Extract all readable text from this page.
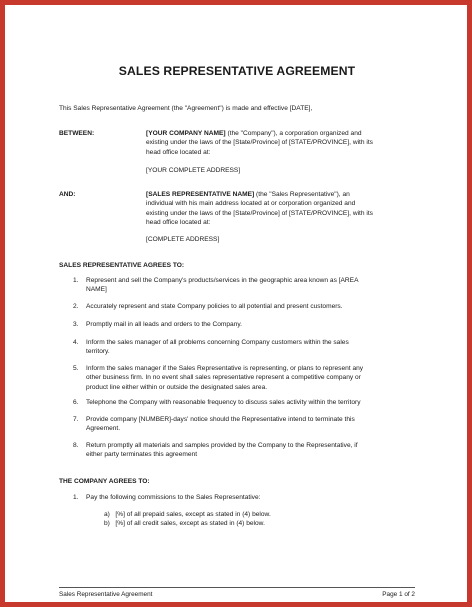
SALES REPRESENTATIVE AGREEMENT
This Sales Representative Agreement (the "Agreement") is made and effective [DATE],
BETWEEN:	[YOUR COMPANY NAME] (the "Company"), a corporation organized and
existing under the laws of the [State/Province] of [STATE/PROVINCE], with its
head office located at:
[YOUR COMPLETE ADDRESS]
AND:	[SALES REPRESENTATIVE NAME] (the "Sales Representative"), an
individual with his main address located at or corporation organized and
existing under the laws of the [State/Province] of [STATE/PROVINCE], with its
head office located at:
[COMPLETE ADDRESS]
SALES REPRESENTATIVE AGREES TO:
1. Represent and sell the Company's products/services in the geographic area known as [AREA
NAME]
2. Accurately represent and state Company policies to all potential and present customers.
3. Promptly mail in all leads and orders to the Company.
4. Inform the sales manager of all problems concerning Company customers within the sales
territory.
5. Inform the sales manager if the Sales Representative is representing, or plans to represent any
other business firm. In no event shall sales representative represent a competitive company or
product line either within or outside the designated sales area.
6. Telephone the Company with reasonable frequency to discuss sales activity within the territory
7. Provide company [NUMBER]-days' notice should the Representative intend to terminate this
Agreement.
8. Return promptly all materials and samples provided by the Company to the Representative, if
either party terminates this agreement
THE COMPANY AGREES TO:
1. Pay the following commissions to the Sales Representative:
a) [%] of all prepaid sales, except as stated in (4) below.
b) [%] of all credit sales, except as stated in (4) below.
Sales Representative Agreement	Page 1 of 2
